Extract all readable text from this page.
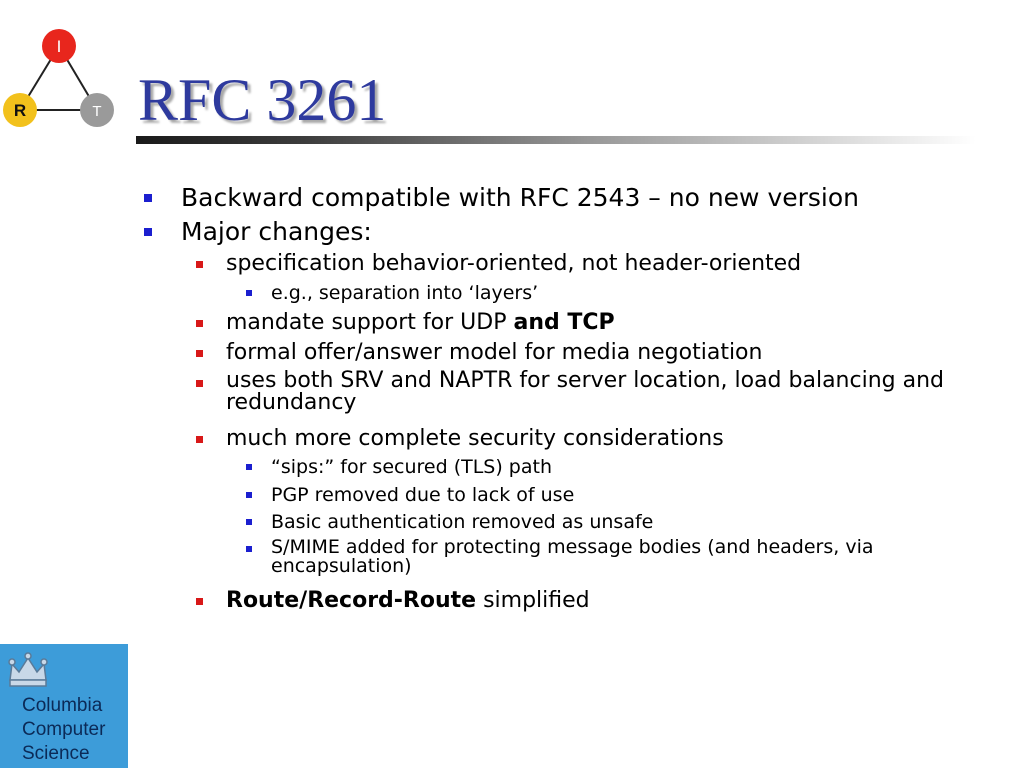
I
R	T RFC 3261
Backward compatible with RFC 2543 – no new version
Major changes:
specification behavior-oriented, not header-oriented
e.g., separation into ‘layers’
mandate support for UDP and TCP
formal offer/answer model for media negotiation
uses both SRV and NAPTR for server location, load balancing and
redundancy
much more complete security considerations
“sips:” for secured (TLS) path
PGP removed due to lack of use
Basic authentication removed as unsafe
S/MIME added for protecting message bodies (and headers, via
encapsulation)
Route/Record-Route simplified
Columbia
Computer
Science
